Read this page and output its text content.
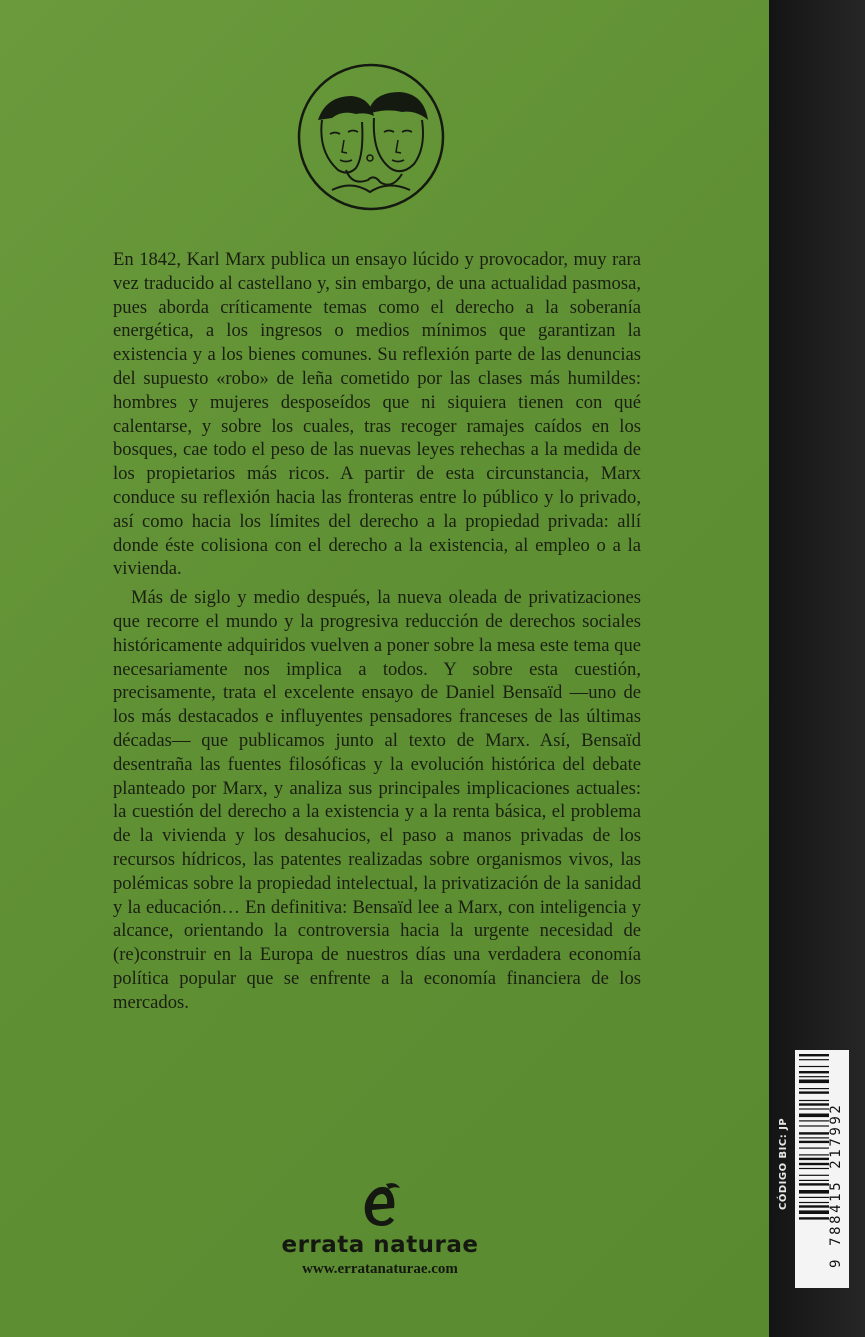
En 1842, Karl Marx publica un ensayo lúcido y provocador, muy rara vez traducido al castellano y, sin embargo, de una actualidad pasmosa, pues aborda críticamente temas como el derecho a la soberanía energética, a los ingresos o medios mínimos que garantizan la existencia y a los bienes comunes. Su reflexión parte de las denuncias del supuesto «robo» de leña cometido por las clases más humildes: hombres y mujeres desposeídos que ni siquiera tienen con qué calentarse, y sobre los cuales, tras recoger ramajes caídos en los bosques, cae todo el peso de las nuevas leyes rehechas a la medida de los propietarios más ricos. A partir de esta circunstancia, Marx conduce su reflexión hacia las fronteras entre lo público y lo privado, así como hacia los límites del derecho a la propiedad privada: allí donde éste colisiona con el derecho a la existencia, al empleo o a la vivienda.

Más de siglo y medio después, la nueva oleada de privatizaciones que recorre el mundo y la progresiva reducción de derechos sociales históricamente adquiridos vuelven a poner sobre la mesa este tema que necesariamente nos implica a todos. Y sobre esta cuestión, precisamente, trata el excelente ensayo de Daniel Bensaïd —uno de los más destacados e influyentes pensadores franceses de las últimas décadas— que publicamos junto al texto de Marx. Así, Bensaïd desentraña las fuentes filosóficas y la evolución histórica del debate planteado por Marx, y analiza sus principales implicaciones actuales: la cuestión del derecho a la existencia y a la renta básica, el problema de la vivienda y los desahucios, el paso a manos privadas de los recursos hídricos, las patentes realizadas sobre organismos vivos, las polémicas sobre la propiedad intelectual, la privatización de la sanidad y la educación… En definitiva: Bensaïd lee a Marx, con inteligencia y alcance, orientando la controversia hacia la urgente necesidad de (re)construir en la Europa de nuestros días una verdadera economía política popular que se enfrente a la economía financiera de los mercados.

errata naturae
www.erratanaturae.com
9 788415 217992
CÓDIGO BIC: JP
